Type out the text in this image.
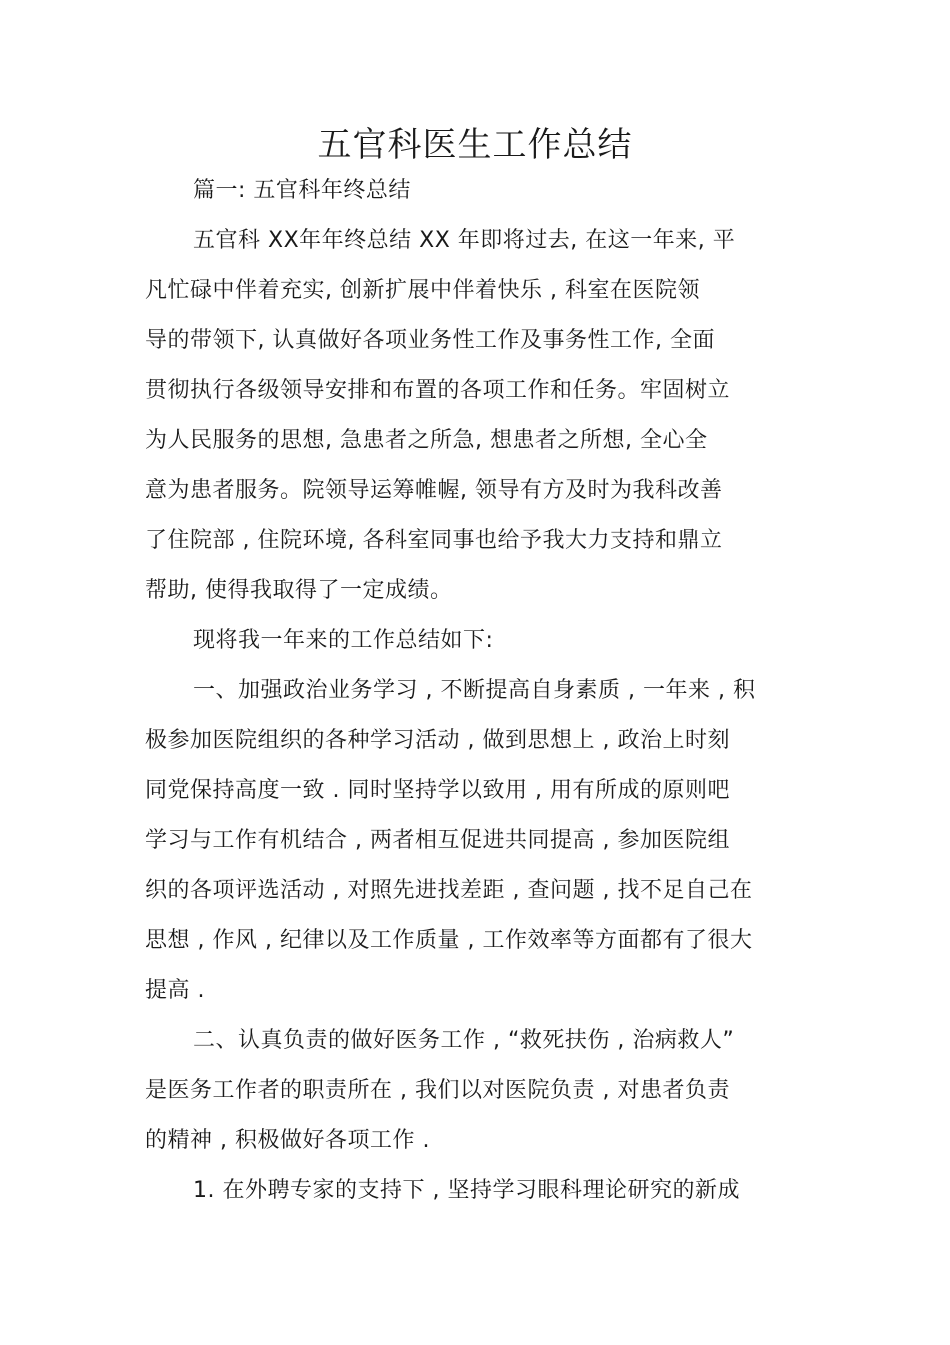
五官科医生工作总结
篇一: 五官科年终总结
五官科 XX年年终总结 XX 年即将过去, 在这一年来, 平
凡忙碌中伴着充实, 创新扩展中伴着快乐 , 科室在医院领
导的带领下, 认真做好各项业务性工作及事务性工作, 全面
贯彻执行各级领导安排和布置的各项工作和任务。牢固树立
为人民服务的思想, 急患者之所急, 想患者之所想, 全心全
意为患者服务。院领导运筹帷幄, 领导有方及时为我科改善
了住院部 , 住院环境, 各科室同事也给予我大力支持和鼎立
帮助, 使得我取得了一定成绩。
现将我一年来的工作总结如下:
一、加强政治业务学习 , 不断提高自身素质 , 一年来 , 积
极参加医院组织的各种学习活动 , 做到思想上 , 政治上时刻
同党保持高度一致 . 同时坚持学以致用 , 用有所成的原则吧
学习与工作有机结合 , 两者相互促进共同提高 , 参加医院组
织的各项评选活动 , 对照先进找差距 , 查问题 , 找不足自己在
思想 , 作风 , 纪律以及工作质量 , 工作效率等方面都有了很大
提高 .
二、认真负责的做好医务工作 , “救死扶伤 , 治病救人”
是医务工作者的职责所在 , 我们以对医院负责 , 对患者负责
的精神 , 积极做好各项工作 .
1. 在外聘专家的支持下 , 坚持学习眼科理论研究的新成
